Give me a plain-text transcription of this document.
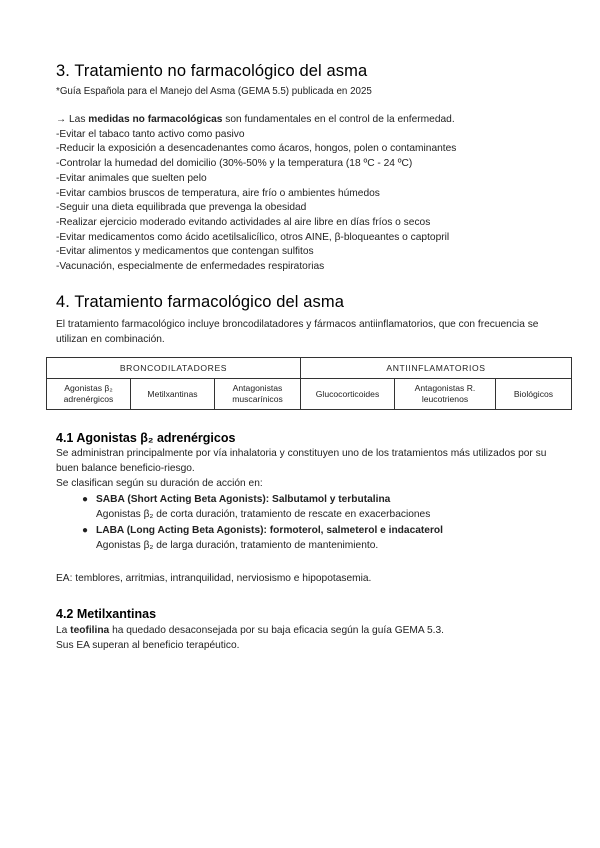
3. Tratamiento no farmacológico del asma
*Guía Española para el Manejo del Asma (GEMA 5.5) publicada en 2025
→ Las medidas no farmacológicas son fundamentales en el control de la enfermedad.
-Evitar el tabaco tanto activo como pasivo
-Reducir la exposición a desencadenantes como ácaros, hongos, polen o contaminantes
-Controlar la humedad del domicilio (30%-50% y la temperatura (18 ºC - 24 ºC)
-Evitar animales que suelten pelo
-Evitar cambios bruscos de temperatura, aire frío o ambientes húmedos
-Seguir una dieta equilibrada que prevenga la obesidad
-Realizar ejercicio moderado evitando actividades al aire libre en días fríos o secos
-Evitar medicamentos como ácido acetilsalicílico, otros AINE, β-bloqueantes o captopril
-Evitar alimentos y medicamentos que contengan sulfitos
-Vacunación, especialmente de enfermedades respiratorias
4. Tratamiento farmacológico del asma
El tratamiento farmacológico incluye broncodilatadores y fármacos antiinflamatorios, que con frecuencia se utilizan en combinación.
BRONCODILATADORES			ANTIINFLAMATORIOS		
Agonistas β₂ adrenérgicos	Metilxantinas	Antagonistas muscarínicos	Glucocorticoides	Antagonistas R. leucotrienos	Biológicos
4.1 Agonistas β₂ adrenérgicos
Se administran principalmente por vía inhalatoria y constituyen uno de los tratamientos más utilizados por su buen balance beneficio-riesgo.
Se clasifican según su duración de acción en:
● SABA (Short Acting Beta Agonists): Salbutamol y terbutalina
Agonistas β₂ de corta duración, tratamiento de rescate en exacerbaciones
● LABA (Long Acting Beta Agonists): formoterol, salmeterol e indacaterol
Agonistas β₂ de larga duración, tratamiento de mantenimiento.
EA: temblores, arritmias, intranquilidad, nerviosismo e hipopotasemia.
4.2 Metilxantinas
La teofilina ha quedado desaconsejada por su baja eficacia según la guía GEMA 5.3.
Sus EA superan al beneficio terapéutico.
